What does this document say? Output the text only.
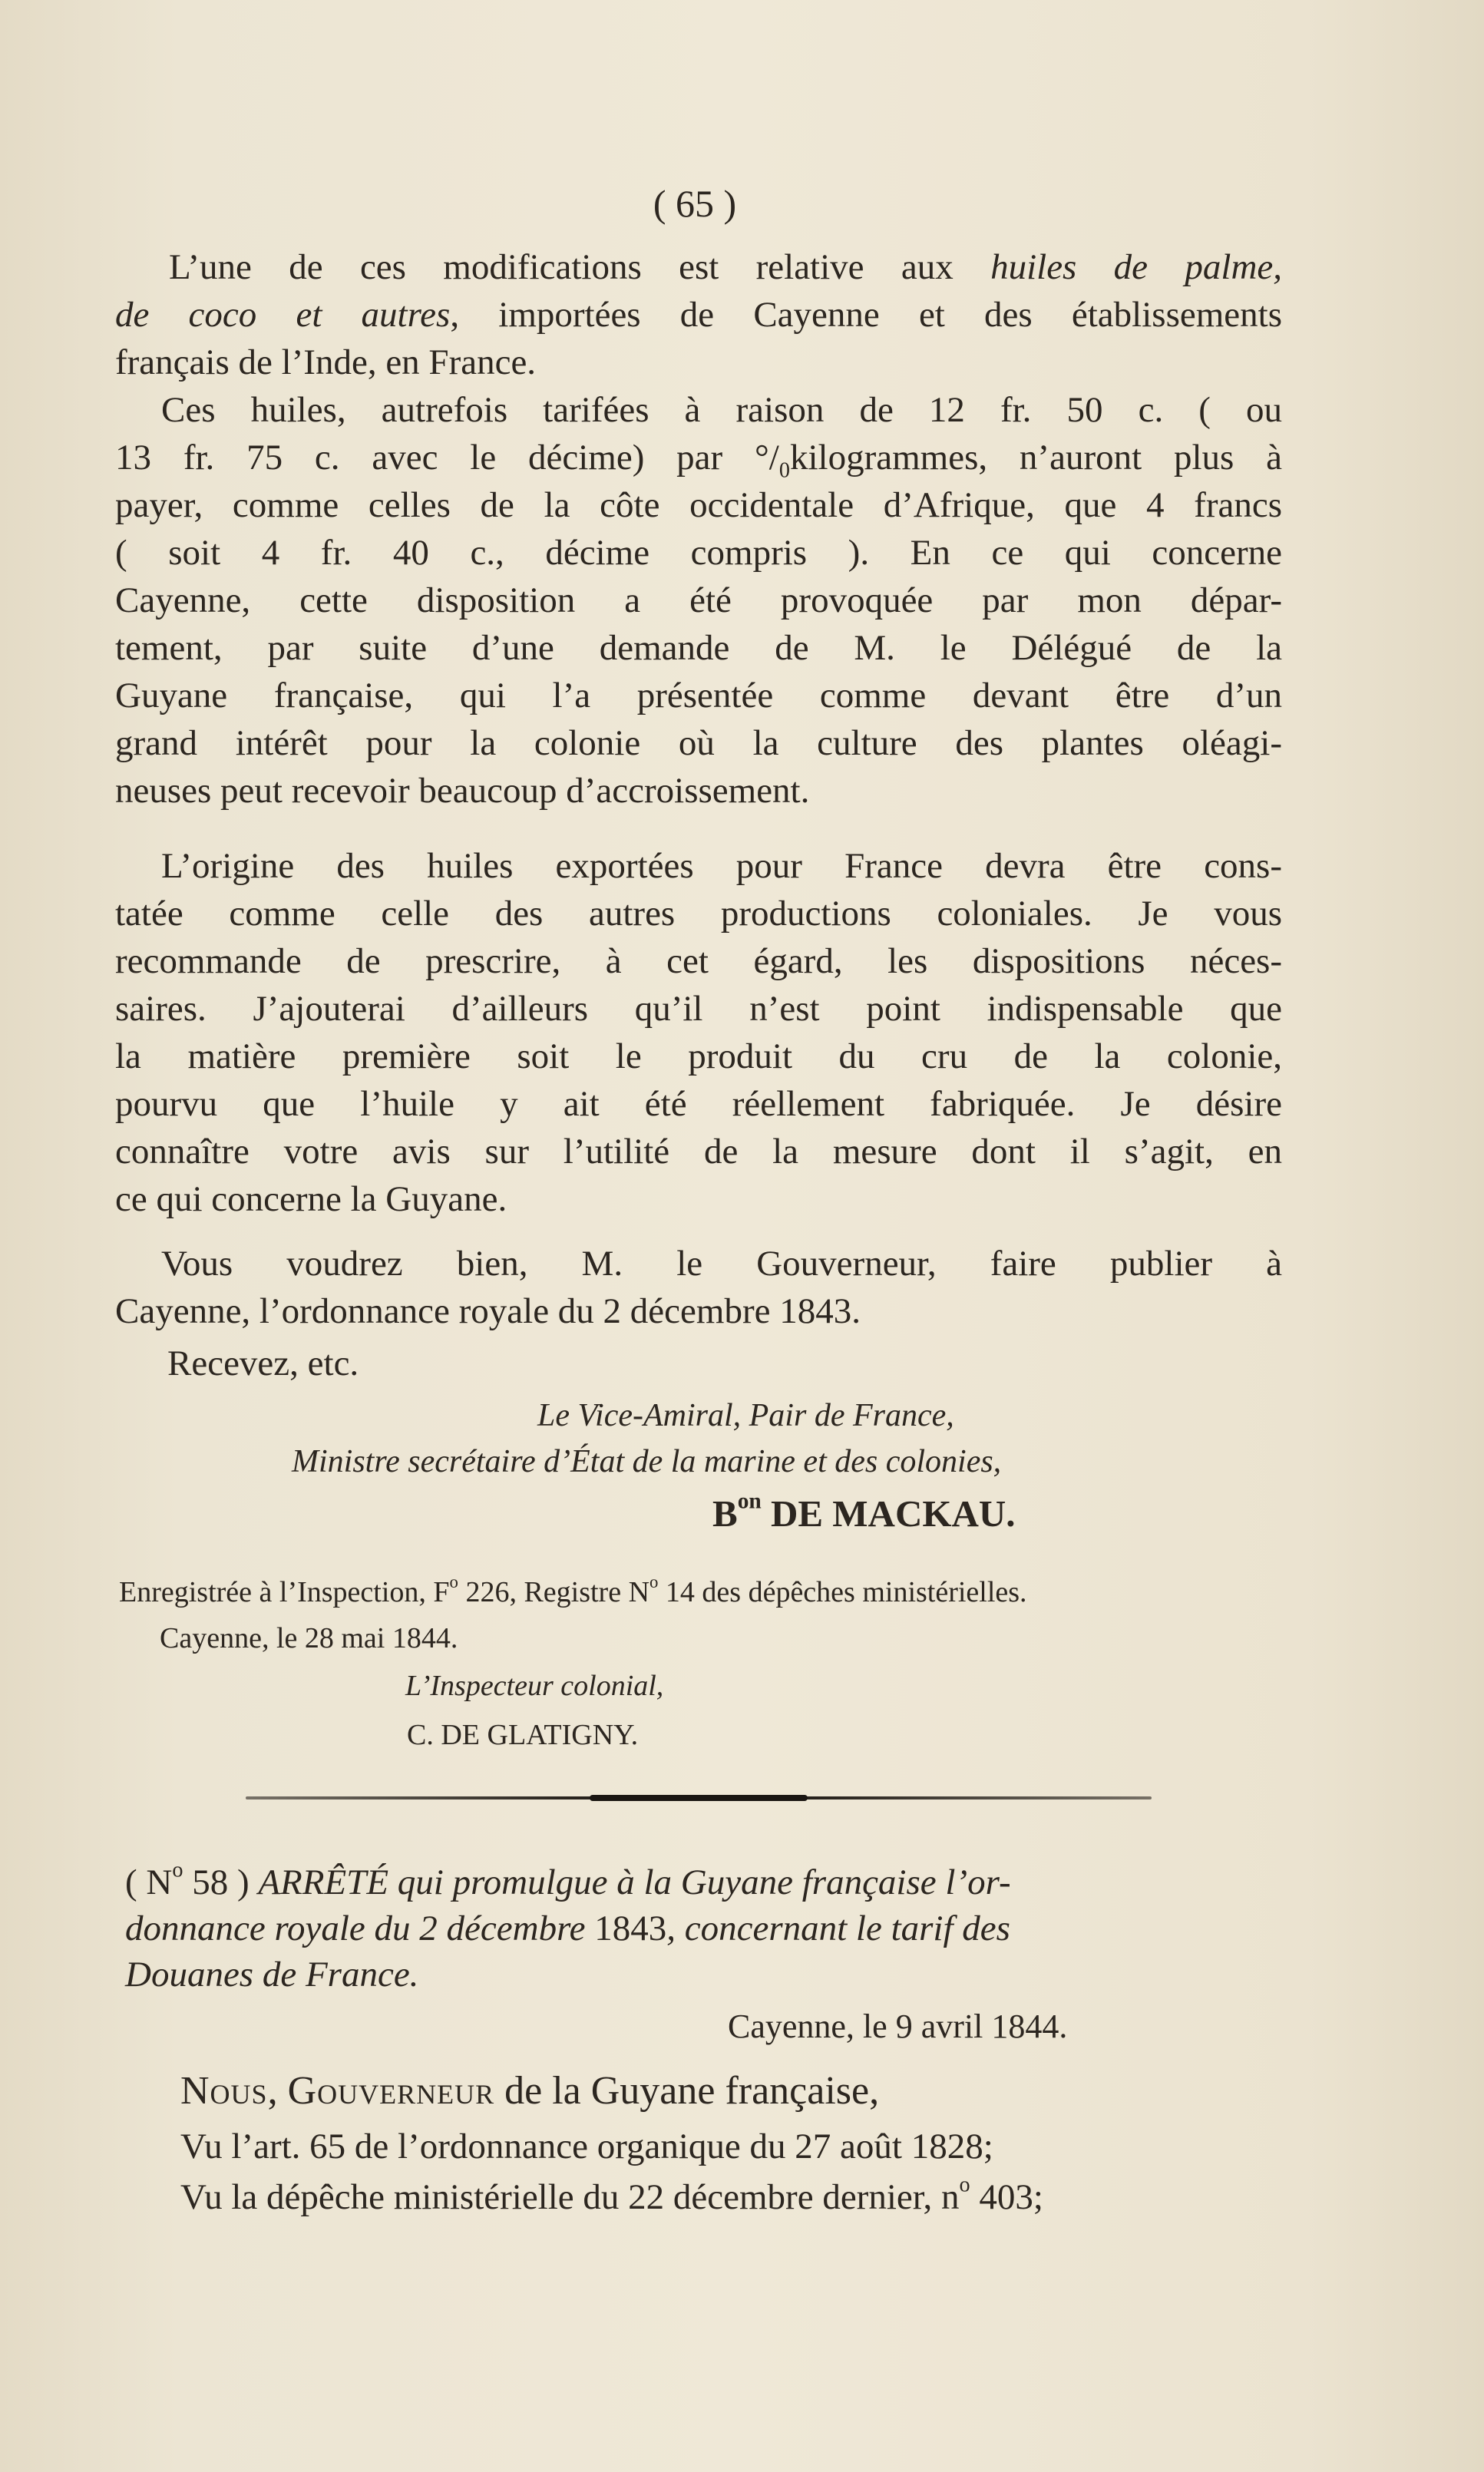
( 65 )
L’une de ces modifications est relative aux huiles de palme,
de coco et autres, importées de Cayenne et des établissements
français de l’Inde, en France.
Ces huiles, autrefois tarifées à raison de 12 fr. 50 c. ( ou
13 fr. 75 c. avec le décime) par $^\circ/_0kilogrammes$, n’auront plus à
payer, comme celles de la côte occidentale d’Afrique, que 4 francs
( soit 4 fr. 40 c., décime compris ). En ce qui concerne
Cayenne, cette disposition a été provoquée par mon dépar-
tement, par suite d’une demande de M. le Délégué de la
Guyane française, qui l’a présentée comme devant être d’un
grand intérêt pour la colonie où la culture des plantes oléagi-
neuses peut recevoir beaucoup d’accroissement.
L’origine des huiles exportées pour France devra être cons-
tatée comme celle des autres productions coloniales. Je vous
recommande de prescrire, à cet égard, les dispositions néces-
saires. J’ajouterai d’ailleurs qu’il n’est point indispensable que
la matière première soit le produit du cru de la colonie,
pourvu que l’huile y ait été réellement fabriquée. Je désire
connaître votre avis sur l’utilité de la mesure dont il s’agit, en
ce qui concerne la Guyane.
Vous voudrez bien, M. le Gouverneur, faire publier à
Cayenne, l’ordonnance royale du 2 décembre 1843.
Recevez, etc.
Le Vice-Amiral, Pair de France,
Ministre secrétaire d’État de la marine et des colonies,
$B^{on}$ DE MACKAU.
Enregistrée à l’Inspection, $F^o$ 226, Registre $N^o$ 14 des dépêches ministérielles.
Cayenne, le 28 mai 1844.
L’Inspecteur colonial,
C. DE GLATIGNY.
( $N^o$ 58 ) ARRÊTÉ qui promulgue à la Guyane française l’or-
donnance royale du 2 décembre 1843, concernant le tarif des
Douanes de France.
Cayenne, le 9 avril 1844.
Nous, Gouverneur de la Guyane française,
Vu l’art. 65 de l’ordonnance organique du 27 août 1828;
Vu la dépêche ministérielle du 22 décembre dernier, $n^o$ 403;
